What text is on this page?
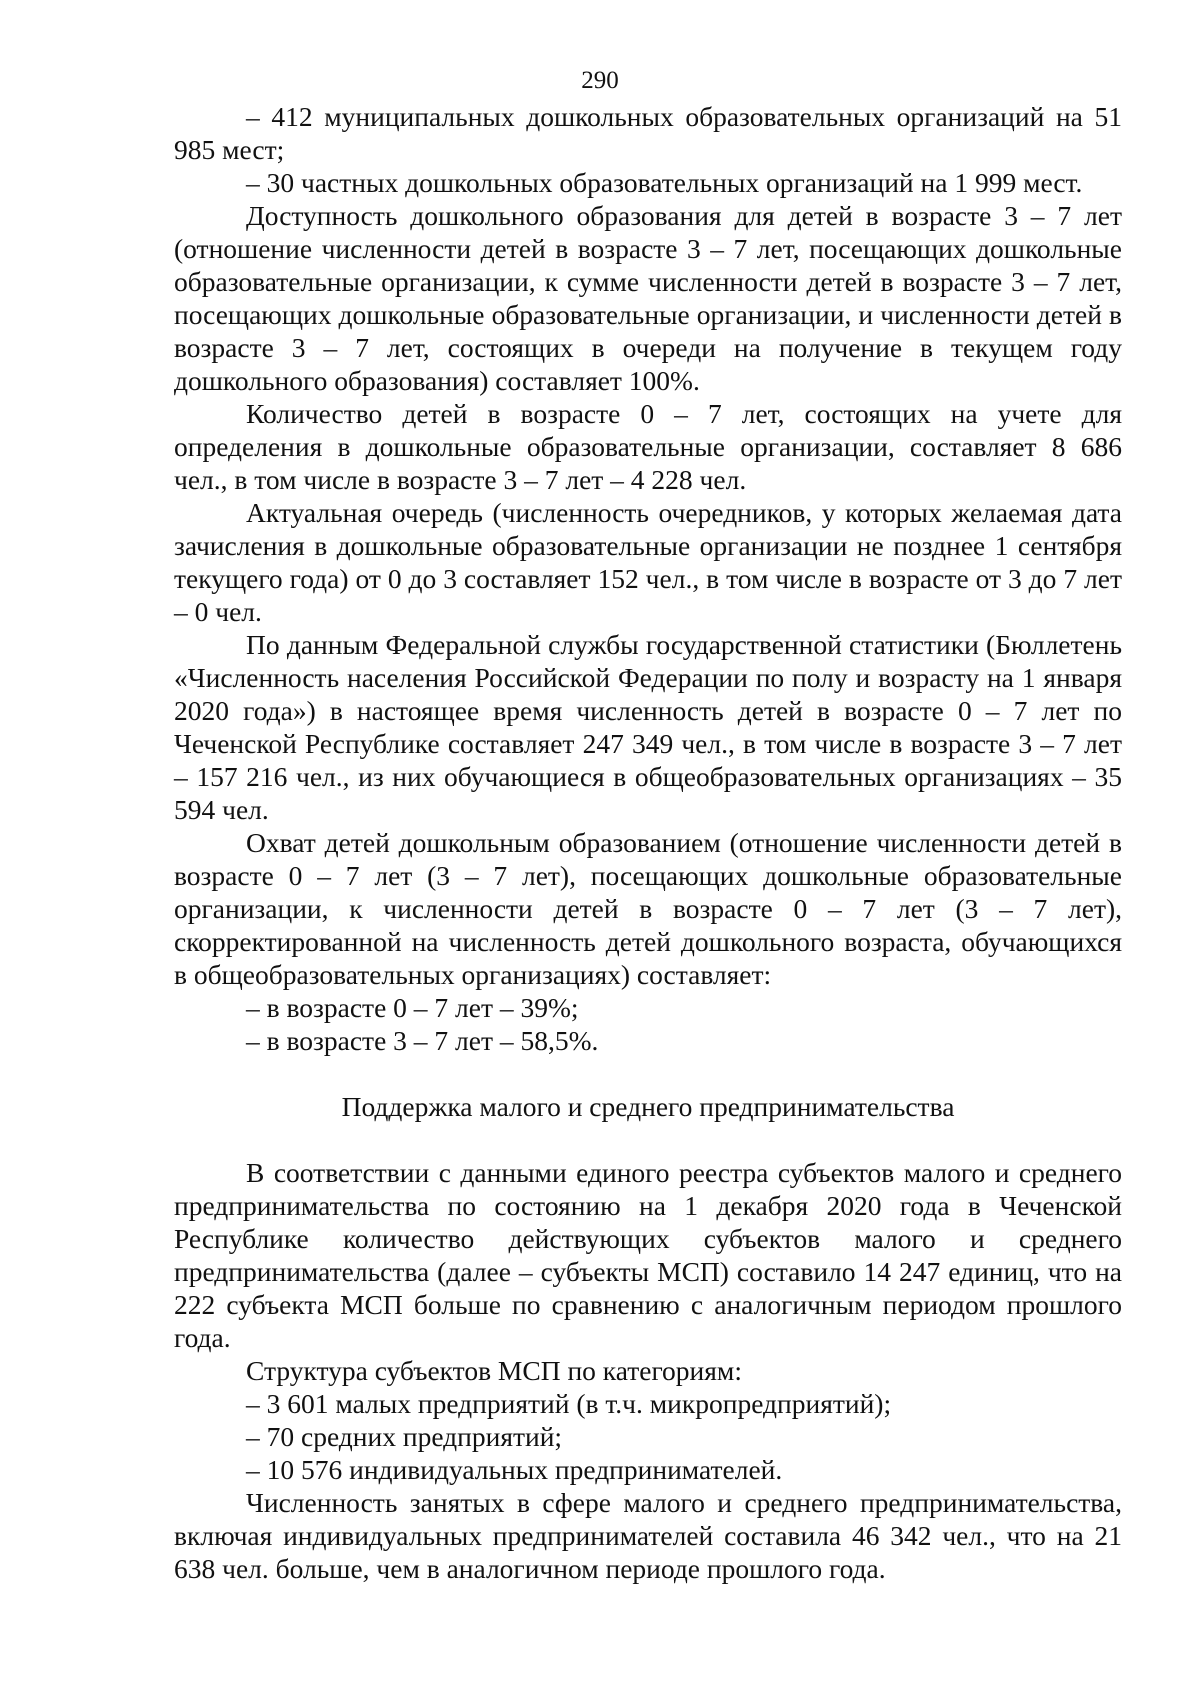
290

– 412 муниципальных дошкольных образовательных организаций на 51 985 мест;

– 30 частных дошкольных образовательных организаций на 1 999 мест.

Доступность дошкольного образования для детей в возрасте 3 – 7 лет (отношение численности детей в возрасте 3 – 7 лет, посещающих дошкольные образовательные организации, к сумме численности детей в возрасте 3 – 7 лет, посещающих дошкольные образовательные организации, и численности детей в возрасте 3 – 7 лет, состоящих в очереди на получение в текущем году дошкольного образования) составляет 100%.

Количество детей в возрасте 0 – 7 лет, состоящих на учете для определения в дошкольные образовательные организации, составляет 8 686 чел., в том числе в возрасте 3 – 7 лет – 4 228 чел.

Актуальная очередь (численность очередников, у которых желаемая дата зачисления в дошкольные образовательные организации не позднее 1 сентября текущего года) от 0 до 3 составляет 152 чел., в том числе в возрасте от 3 до 7 лет – 0 чел.

По данным Федеральной службы государственной статистики (Бюллетень «Численность населения Российской Федерации по полу и возрасту на 1 января 2020 года») в настоящее время численность детей в возрасте 0 – 7 лет по Чеченской Республике составляет 247 349 чел., в том числе в возрасте 3 – 7 лет – 157 216 чел., из них обучающиеся в общеобразовательных организациях – 35 594 чел.

Охват детей дошкольным образованием (отношение численности детей в возрасте 0 – 7 лет (3 – 7 лет), посещающих дошкольные образовательные организации, к численности детей в возрасте 0 – 7 лет (3 – 7 лет), скорректированной на численность детей дошкольного возраста, обучающихся в общеобразовательных организациях) составляет:

– в возрасте 0 – 7 лет – 39%;

– в возрасте 3 – 7 лет – 58,5%.

Поддержка малого и среднего предпринимательства

В соответствии с данными единого реестра субъектов малого и среднего предпринимательства по состоянию на 1 декабря 2020 года в Чеченской Республике количество действующих субъектов малого и среднего предпринимательства (далее – субъекты МСП) составило 14 247 единиц, что на 222 субъекта МСП больше по сравнению с аналогичным периодом прошлого года.

Структура субъектов МСП по категориям:

– 3 601 малых предприятий (в т.ч. микропредприятий);

– 70 средних предприятий;

– 10 576 индивидуальных предпринимателей.

Численность занятых в сфере малого и среднего предпринимательства, включая индивидуальных предпринимателей составила 46 342 чел., что на 21 638 чел. больше, чем в аналогичном периоде прошлого года.
